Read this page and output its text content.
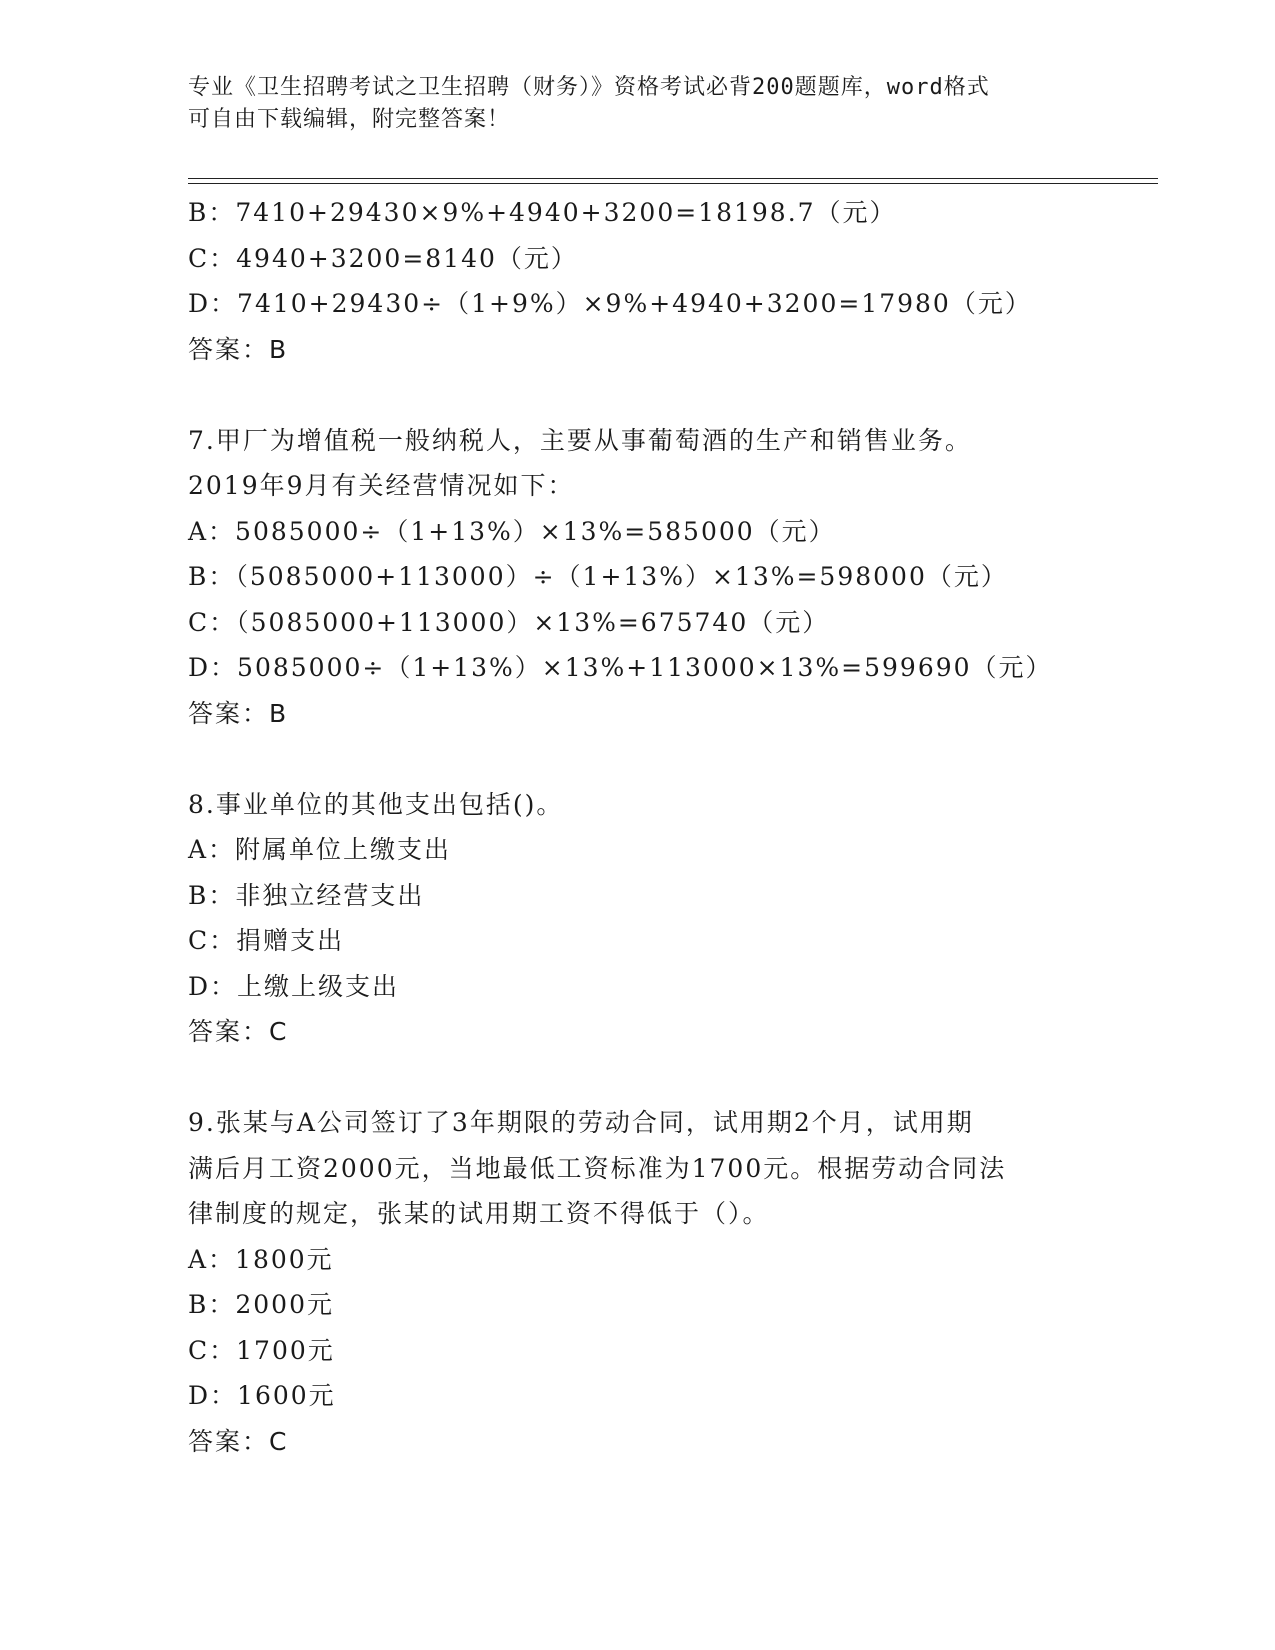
专业《卫生招聘考试之卫生招聘（财务）》资格考试必背200题题库，word格式
可自由下载编辑，附完整答案！
B：7410+29430×9%+4940+3200=18198.7（元）
C：4940+3200=8140（元）
D：7410+29430÷（1+9%）×9%+4940+3200=17980（元）
答案：B
7.甲厂为增值税一般纳税人，主要从事葡萄酒的生产和销售业务。
2019年9月有关经营情况如下：
A：5085000÷（1+13%）×13%=585000（元）
B：（5085000+113000）÷（1+13%）×13%=598000（元）
C：（5085000+113000）×13%=675740（元）
D：5085000÷（1+13%）×13%+113000×13%=599690（元）
答案：B
8.事业单位的其他支出包括()。
A：附属单位上缴支出
B：非独立经营支出
C：捐赠支出
D：上缴上级支出
答案：C
9.张某与A公司签订了3年期限的劳动合同，试用期2个月，试用期
满后月工资2000元，当地最低工资标准为1700元。根据劳动合同法
律制度的规定，张某的试用期工资不得低于（）。
A：1800元
B：2000元
C：1700元
D：1600元
答案：C
